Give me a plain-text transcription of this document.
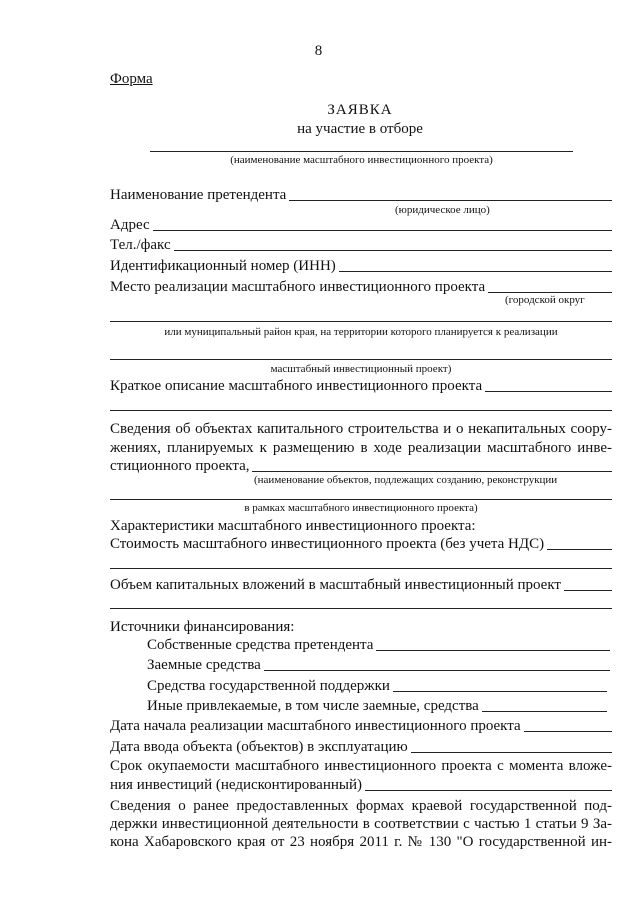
8
Форма
ЗАЯВКА
на участие в отборе
(наименование масштабного инвестиционного проекта)
Наименование претендента
(юридическое лицо)
Адрес
Тел./факс
Идентификационный номер (ИНН)
Место реализации масштабного инвестиционного проекта
(городской округ
или муниципальный район края, на территории которого планируется к реализации
масштабный инвестиционный проект)
Краткое описание масштабного инвестиционного проекта
Сведения об объектах капитального строительства и о некапитальных соору-
жениях, планируемых к размещению в ходе реализации масштабного инве-
стиционного проекта,
(наименование объектов, подлежащих созданию, реконструкции
в рамках масштабного инвестиционного проекта)
Характеристики масштабного инвестиционного проекта:
Стоимость масштабного инвестиционного проекта (без учета НДС)
Объем капитальных вложений в масштабный инвестиционный проект
Источники финансирования:
Собственные средства претендента
Заемные средства
Средства государственной поддержки
Иные привлекаемые, в том числе заемные, средства
Дата начала реализации масштабного инвестиционного проекта
Дата ввода объекта (объектов) в эксплуатацию
Срок окупаемости масштабного инвестиционного проекта с момента вложе-
ния инвестиций (недисконтированный)
Сведения о ранее предоставленных формах краевой государственной под-
держки инвестиционной деятельности в соответствии с частью 1 статьи 9 За-
кона Хабаровского края от 23 ноября 2011 г. № 130 "О государственной ин-
